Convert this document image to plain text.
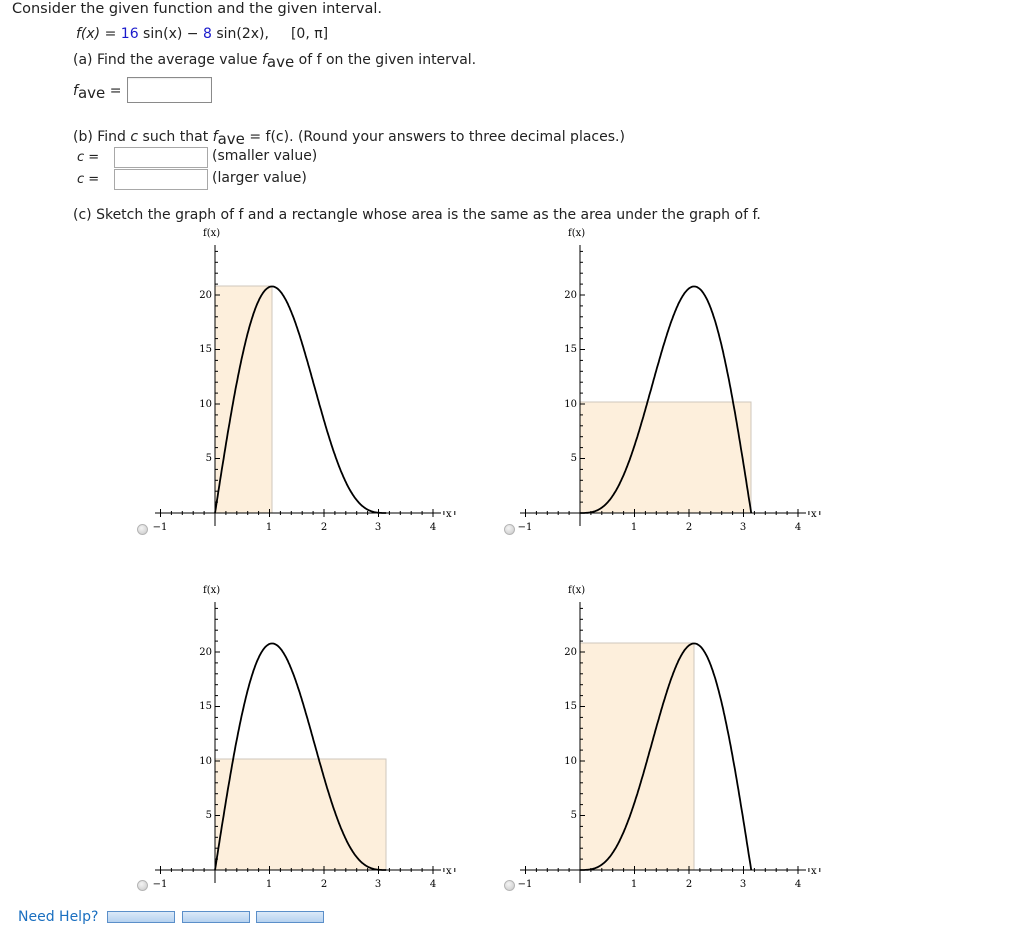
Consider the given function and the given interval.
f(x) = 16 sin(x) − 8 sin(2x), [0, π]
(a) Find the average value fave of f on the given interval.
fave =
(b) Find c such that fave = f(c). (Round your answers to three decimal places.)
c =	(smaller value)
c =	(larger value)
(c) Sketch the graph of f and a rectangle whose area is the same as the area under the graph of f.
f(x)
x
−1	1	2	3	4
5
10
15
20
f(x)
x
−1	1	2	3	4
5
10
15
20
f(x)
x
−1	1	2	3	4
5
10
15
20
f(x)
x
−1	1	2	3	4
5
10
15
20
Need Help?
